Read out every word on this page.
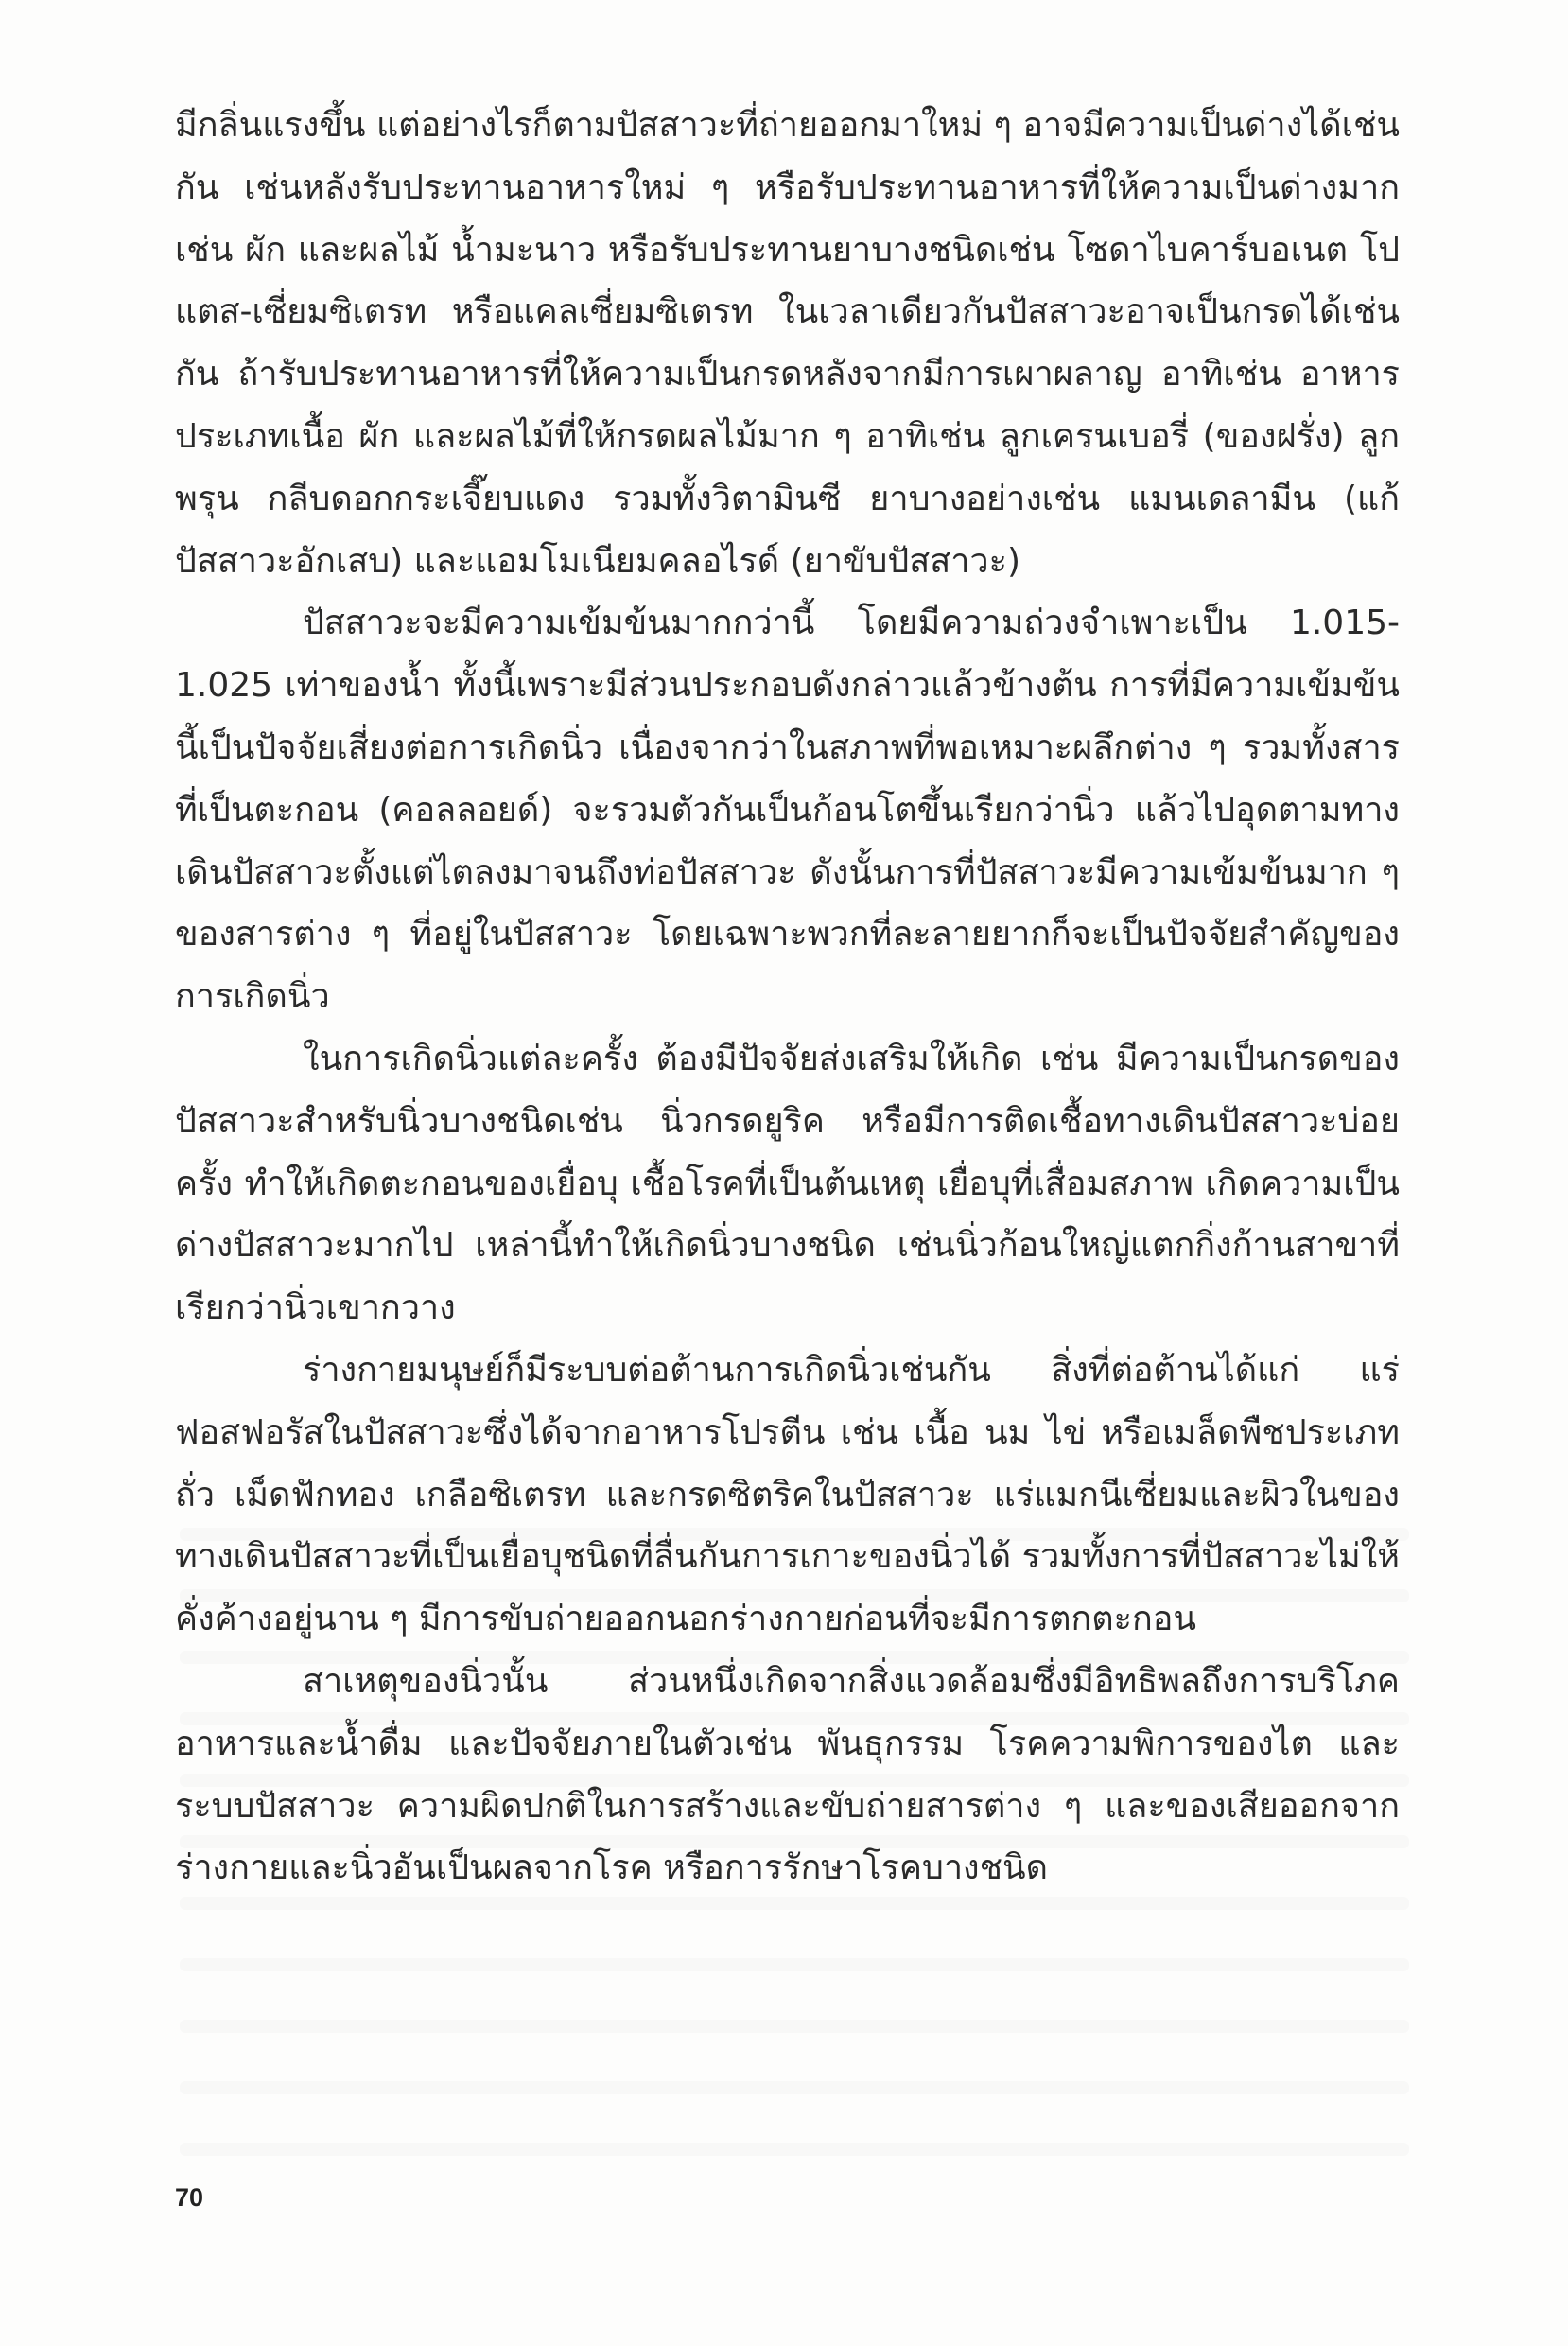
มีกลิ่นแรงขึ้น แต่อย่างไรก็ตามปัสสาวะที่ถ่ายออกมาใหม่ ๆ อาจมีความเป็นด่างได้เช่นกัน เช่นหลังรับประทานอาหารใหม่ ๆ หรือรับประทานอาหารที่ให้ความเป็นด่างมาก เช่น ผัก และผลไม้ น้ำมะนาว หรือรับประทานยาบางชนิดเช่น โซดาไบคาร์บอเนต โปแตส-เซี่ยมซิเตรท หรือแคลเซี่ยมซิเตรท ในเวลาเดียวกันปัสสาวะอาจเป็นกรดได้เช่นกัน ถ้ารับประทานอาหารที่ให้ความเป็นกรดหลังจากมีการเผาผลาญ อาทิเช่น อาหารประเภทเนื้อ ผัก และผลไม้ที่ให้กรดผลไม้มาก ๆ อาทิเช่น ลูกเครนเบอรี่ (ของฝรั่ง) ลูกพรุน กลีบดอกกระเจี๊ยบแดง รวมทั้งวิตามินซี ยาบางอย่างเช่น แมนเดลามีน (แก้ปัสสาวะอักเสบ) และแอมโมเนียมคลอไรด์ (ยาขับปัสสาวะ)

ปัสสาวะจะมีความเข้มข้นมากกว่านี้ โดยมีความถ่วงจำเพาะเป็น 1.015-1.025 เท่าของน้ำ ทั้งนี้เพราะมีส่วนประกอบดังกล่าวแล้วข้างต้น การที่มีความเข้มข้นนี้เป็นปัจจัยเสี่ยงต่อการเกิดนิ่ว เนื่องจากว่าในสภาพที่พอเหมาะผลึกต่าง ๆ รวมทั้งสารที่เป็นตะกอน (คอลลอยด์) จะรวมตัวกันเป็นก้อนโตขึ้นเรียกว่านิ่ว แล้วไปอุดตามทางเดินปัสสาวะตั้งแต่ไตลงมาจนถึงท่อปัสสาวะ ดังนั้นการที่ปัสสาวะมีความเข้มข้นมาก ๆ ของสารต่าง ๆ ที่อยู่ในปัสสาวะ โดยเฉพาะพวกที่ละลายยากก็จะเป็นปัจจัยสำคัญของการเกิดนิ่ว

ในการเกิดนิ่วแต่ละครั้ง ต้องมีปัจจัยส่งเสริมให้เกิด เช่น มีความเป็นกรดของปัสสาวะสำหรับนิ่วบางชนิดเช่น นิ่วกรดยูริค หรือมีการติดเชื้อทางเดินปัสสาวะบ่อยครั้ง ทำให้เกิดตะกอนของเยื่อบุ เชื้อโรคที่เป็นต้นเหตุ เยื่อบุที่เสื่อมสภาพ เกิดความเป็นด่างปัสสาวะมากไป เหล่านี้ทำให้เกิดนิ่วบางชนิด เช่นนิ่วก้อนใหญ่แตกกิ่งก้านสาขาที่เรียกว่านิ่วเขากวาง

ร่างกายมนุษย์ก็มีระบบต่อต้านการเกิดนิ่วเช่นกัน สิ่งที่ต่อต้านได้แก่ แร่ฟอสฟอรัสในปัสสาวะซึ่งได้จากอาหารโปรตีน เช่น เนื้อ นม ไข่ หรือเมล็ดพืชประเภทถั่ว เม็ดฟักทอง เกลือซิเตรท และกรดซิตริคในปัสสาวะ แร่แมกนีเซี่ยมและผิวในของทางเดินปัสสาวะที่เป็นเยื่อบุชนิดที่ลื่นกันการเกาะของนิ่วได้ รวมทั้งการที่ปัสสาวะไม่ให้คั่งค้างอยู่นาน ๆ มีการขับถ่ายออกนอกร่างกายก่อนที่จะมีการตกตะกอน

สาเหตุของนิ่วนั้น ส่วนหนึ่งเกิดจากสิ่งแวดล้อมซึ่งมีอิทธิพลถึงการบริโภคอาหารและน้ำดื่ม และปัจจัยภายในตัวเช่น พันธุกรรม โรคความพิการของไต และระบบปัสสาวะ ความผิดปกติในการสร้างและขับถ่ายสารต่าง ๆ และของเสียออกจากร่างกายและนิ่วอันเป็นผลจากโรค หรือการรักษาโรคบางชนิด

70
